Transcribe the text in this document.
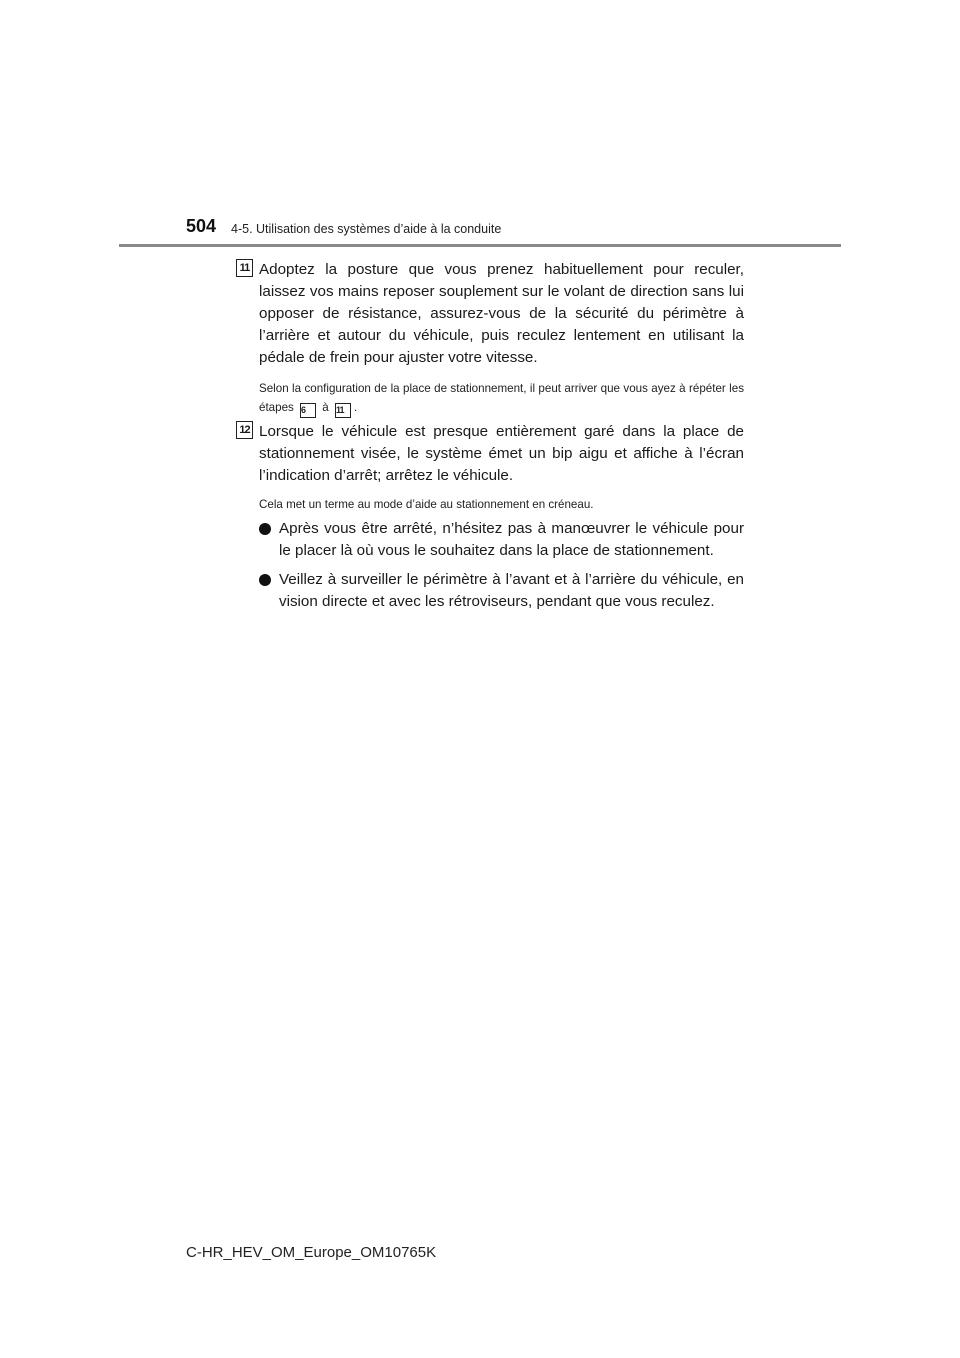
504 4-5. Utilisation des systèmes d’aide à la conduite
11 Adoptez la posture que vous prenez habituellement pour reculer, laissez vos mains reposer souplement sur le volant de direction sans lui opposer de résistance, assurez-vous de la sécurité du périmètre à l’arrière et autour du véhicule, puis reculez lentement en utilisant la pédale de frein pour ajuster votre vitesse.
Selon la configuration de la place de stationnement, il peut arriver que vous ayez à répéter les étapes 6 à 11 .
12 Lorsque le véhicule est presque entièrement garé dans la place de stationnement visée, le système émet un bip aigu et affiche à l’écran l’indication d’arrêt; arrêtez le véhicule.
Cela met un terme au mode d’aide au stationnement en créneau.
Après vous être arrêté, n’hésitez pas à manœuvrer le véhicule pour le placer là où vous le souhaitez dans la place de stationnement.
Veillez à surveiller le périmètre à l’avant et à l’arrière du véhicule, en vision directe et avec les rétroviseurs, pendant que vous reculez.
C-HR_HEV_OM_Europe_OM10765K
